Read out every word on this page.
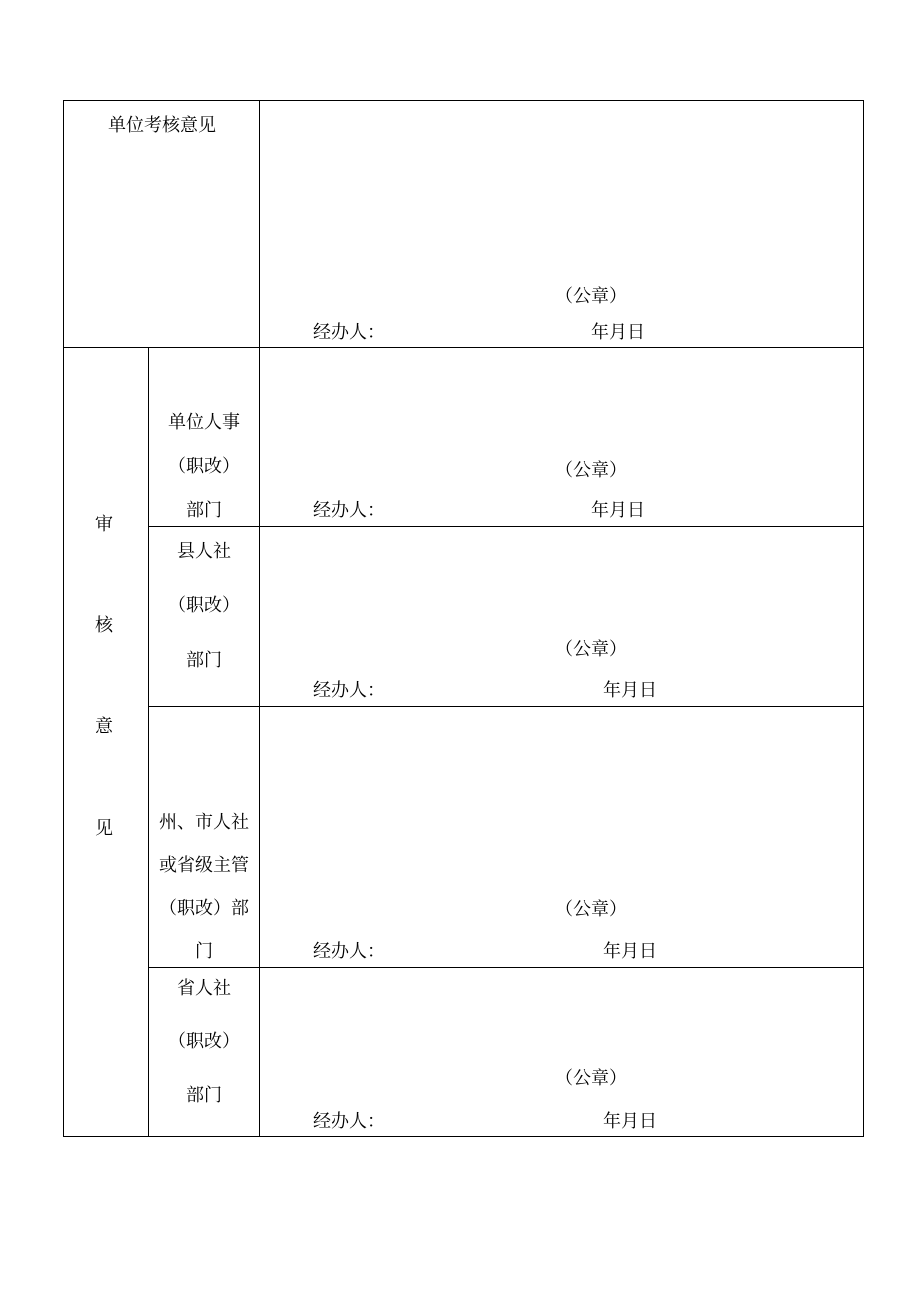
单位考核意见
（公章）
经办人：	年月日
审
核
意
见
单位人事
（职改）
部门
（公章）
经办人：	年月日
县人社
（职改）
部门
（公章）
经办人：	年月日
州、市人社
或省级主管
（职改）部
门
（公章）
经办人：	年月日
省人社
（职改）
部门
（公章）
经办人：	年月日
